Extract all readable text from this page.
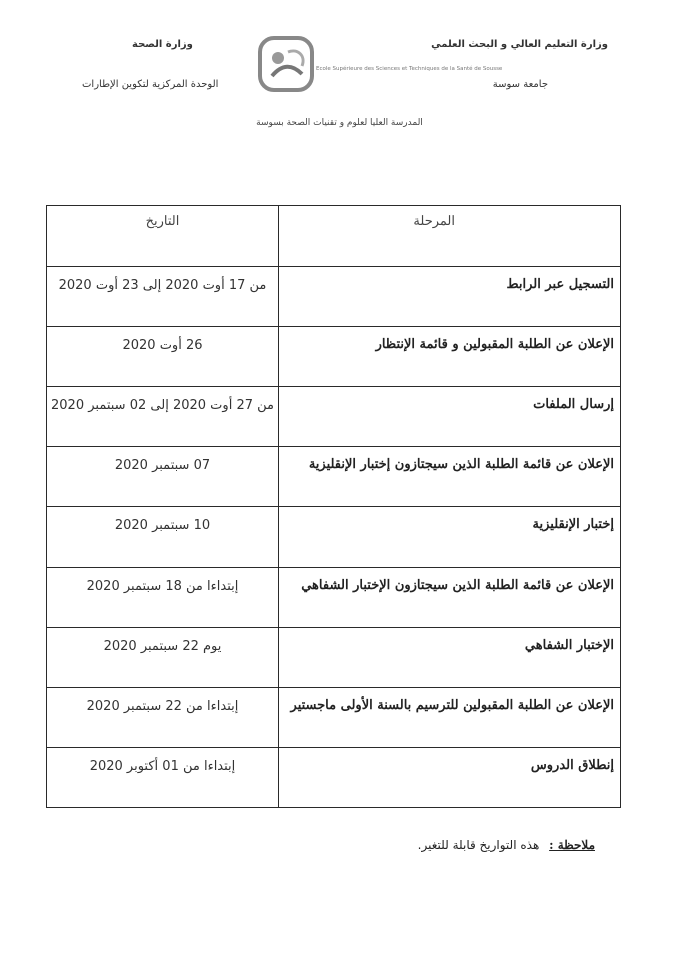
وزارة التعليم العالي و البحث العلمي
جامعة سوسة
وزارة الصحة
الوحدة المركزية لتكوين الإطارات
Ecole Supérieure des Sciences et Techniques de la Santé de Sousse
المدرسة العليا لعلوم و تقنيات الصحة بسوسة
المرحلة	التاريخ
التسجيل عبر الرابط	من 17 أوت 2020 إلى 23 أوت 2020
الإعلان عن الطلبة المقبولين و قائمة الإنتظار	26 أوت 2020
إرسال الملفات	من 27 أوت 2020 إلى 02 سبتمبر 2020
الإعلان عن قائمة الطلبة الذين سيجتازون إختبار الإنقليزية	07 سبتمبر 2020
إختبار الإنقليزية	10 سبتمبر 2020
الإعلان عن قائمة الطلبة الذين سيجتازون الإختبار الشفاهي	إبتداءا من 18 سبتمبر 2020
الإختبار الشفاهي	يوم 22 سبتمبر 2020
الإعلان عن الطلبة المقبولين للترسيم بالسنة الأولى ماجستير	إبتداءا من 22 سبتمبر 2020
إنطلاق الدروس	إبتداءا من 01 أكتوبر 2020
ملاحظة : هذه التواريخ قابلة للتغير.
